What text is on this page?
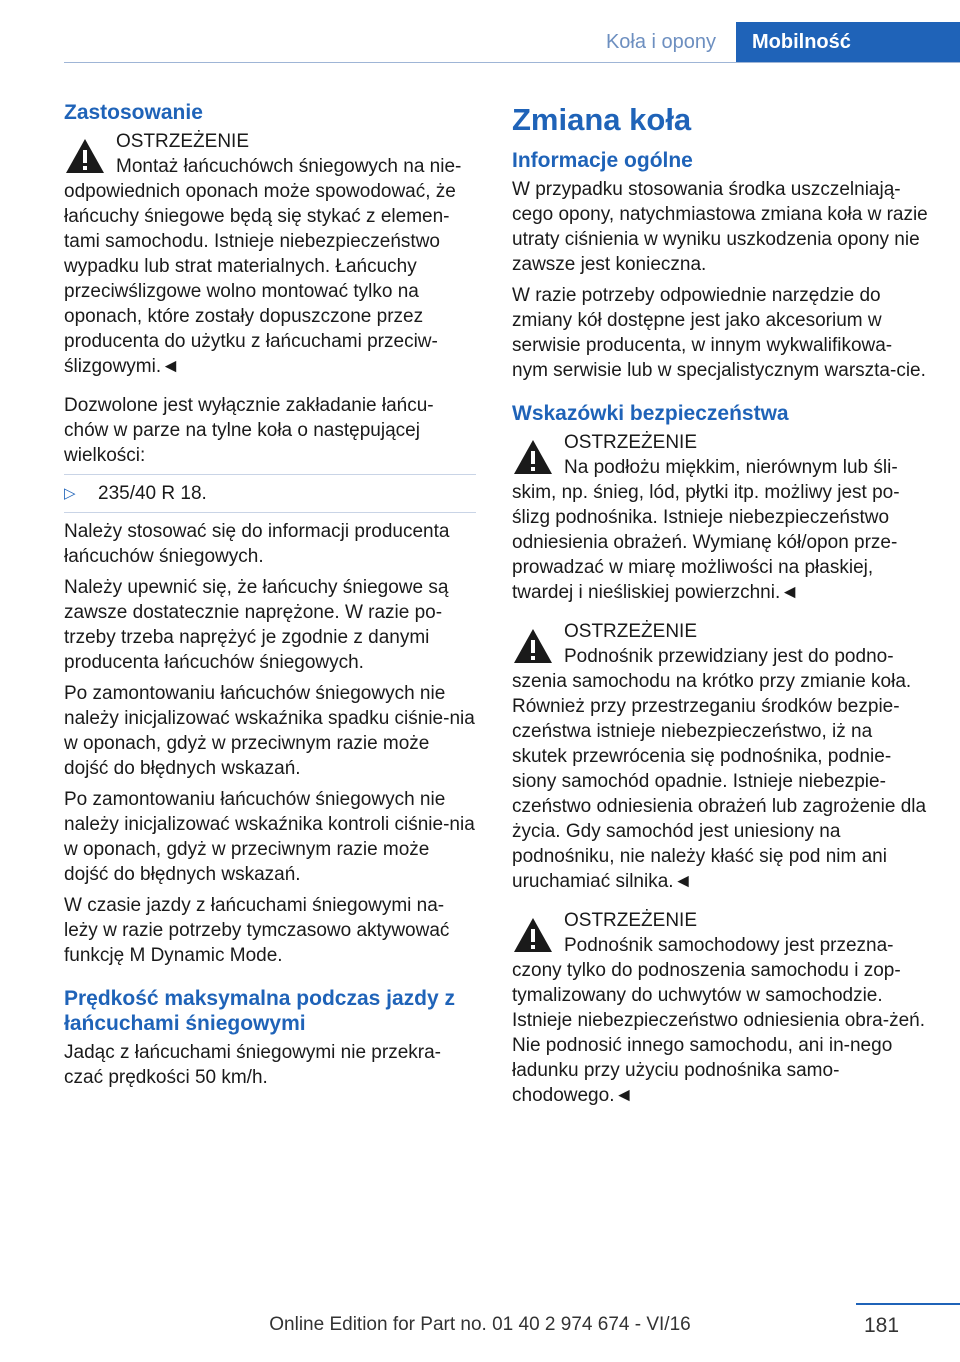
Koła i opony	Mobilność
Zastosowanie

OSTRZEŻENIE

Montaż łańcuchówch śniegowych na nie-odpowiednich oponach może spowodować, że łańcuchy śniegowe będą się stykać z elemen-tami samochodu. Istnieje niebezpieczeństwo wypadku lub strat materialnych. Łańcuchy przeciwślizgowe wolno montować tylko na oponach, które zostały dopuszczone przez producenta do użytku z łańcuchami przeciw-ślizgowymi.◄

Dozwolone jest wyłącznie zakładanie łańcu-chów w parze na tylne koła o następującej wielkości:

▷	235/40 R 18.

Należy stosować się do informacji producenta łańcuchów śniegowych.

Należy upewnić się, że łańcuchy śniegowe są zawsze dostatecznie naprężone. W razie po-trzeby trzeba naprężyć je zgodnie z danymi producenta łańcuchów śniegowych.

Po zamontowaniu łańcuchów śniegowych nie należy inicjalizować wskaźnika spadku ciśnie-nia w oponach, gdyż w przeciwnym razie może dojść do błędnych wskazań.

Po zamontowaniu łańcuchów śniegowych nie należy inicjalizować wskaźnika kontroli ciśnie-nia w oponach, gdyż w przeciwnym razie może dojść do błędnych wskazań.

W czasie jazdy z łańcuchami śniegowymi na-leży w razie potrzeby tymczasowo aktywować funkcję M Dynamic Mode.

Prędkość maksymalna podczas jazdy z łańcuchami śniegowymi

Jadąc z łańcuchami śniegowymi nie przekra-czać prędkości 50 km/h.

Zmiana koła
Informacje ogólne

W przypadku stosowania środka uszczelniają-cego opony, natychmiastowa zmiana koła w razie utraty ciśnienia w wyniku uszkodzenia opony nie zawsze jest konieczna.

W razie potrzeby odpowiednie narzędzie do zmiany kół dostępne jest jako akcesorium w serwisie producenta, w innym wykwalifikowa-nym serwisie lub w specjalistycznym warszta-cie.

Wskazówki bezpieczeństwa

OSTRZEŻENIE

Na podłożu miękkim, nierównym lub śli-skim, np. śnieg, lód, płytki itp. możliwy jest po-ślizg podnośnika. Istnieje niebezpieczeństwo odniesienia obrażeń. Wymianę kół/opon prze-prowadzać w miarę możliwości na płaskiej, twardej i nieśliskiej powierzchni.◄

OSTRZEŻENIE

Podnośnik przewidziany jest do podno-szenia samochodu na krótko przy zmianie koła. Również przy przestrzeganiu środków bezpie-czeństwa istnieje niebezpieczeństwo, iż na skutek przewrócenia się podnośnika, podnie-siony samochód opadnie. Istnieje niebezpie-czeństwo odniesienia obrażeń lub zagrożenie dla życia. Gdy samochód jest uniesiony na podnośniku, nie należy kłaść się pod nim ani uruchamiać silnika.◄

OSTRZEŻENIE

Podnośnik samochodowy jest przezna-czony tylko do podnoszenia samochodu i zop-tymalizowany do uchwytów w samochodzie. Istnieje niebezpieczeństwo odniesienia obra-żeń. Nie podnosić innego samochodu, ani in-nego ładunku przy użyciu podnośnika samo-chodowego.◄

Online Edition for Part no. 01 40 2 974 674 - VI/16	181
